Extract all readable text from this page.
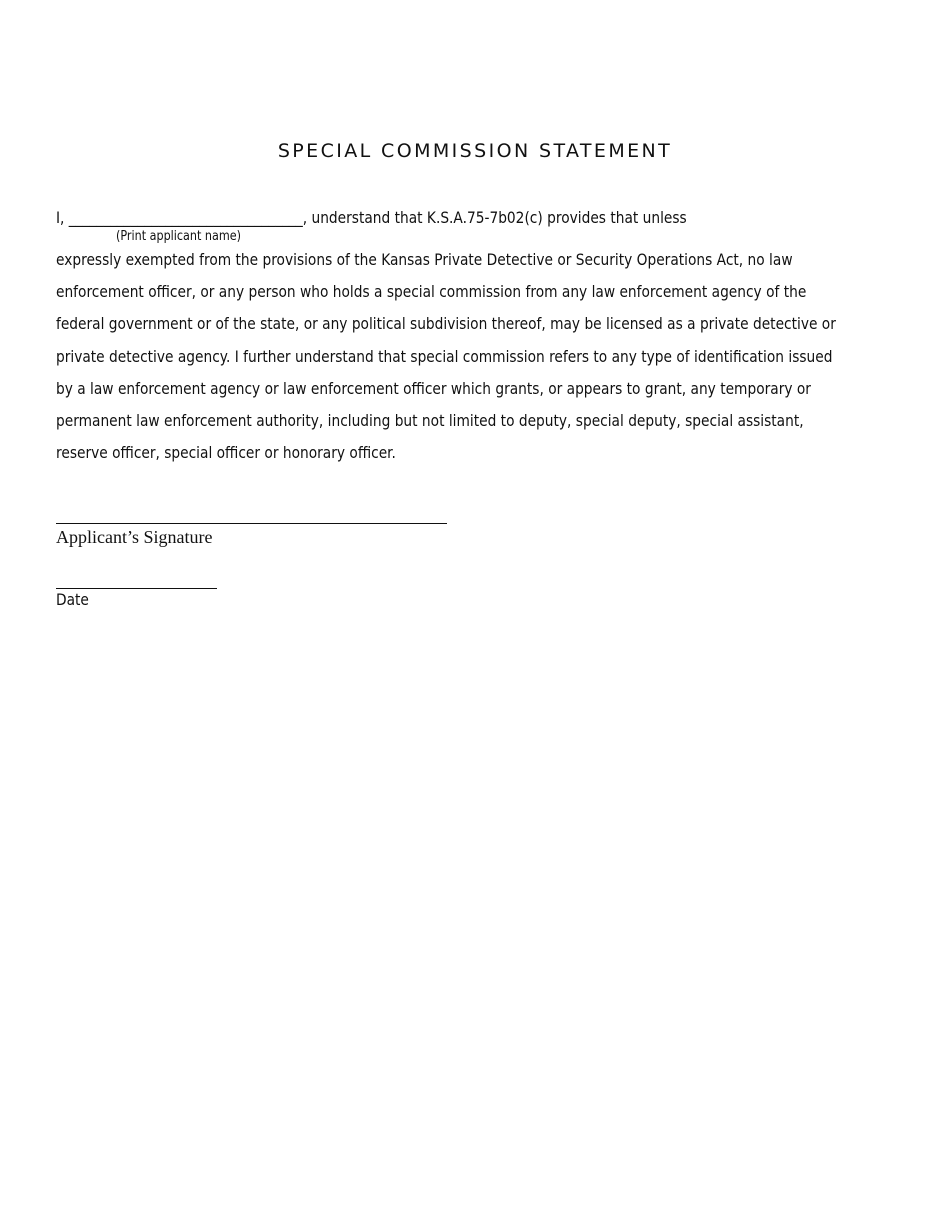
SPECIAL COMMISSION STATEMENT
I, __________________________________, understand that K.S.A.75-7b02(c) provides that unless
(Print applicant name)
expressly exempted from the provisions of the Kansas Private Detective or Security Operations Act, no law
enforcement officer, or any person who holds a special commission from any law enforcement agency of the
federal government or of the state, or any political subdivision thereof, may be licensed as a private detective or
private detective agency. I further understand that special commission refers to any type of identification issued
by a law enforcement agency or law enforcement officer which grants, or appears to grant, any temporary or
permanent law enforcement authority, including but not limited to deputy, special deputy, special assistant,
reserve officer, special officer or honorary officer.
Applicant’s Signature
Date
